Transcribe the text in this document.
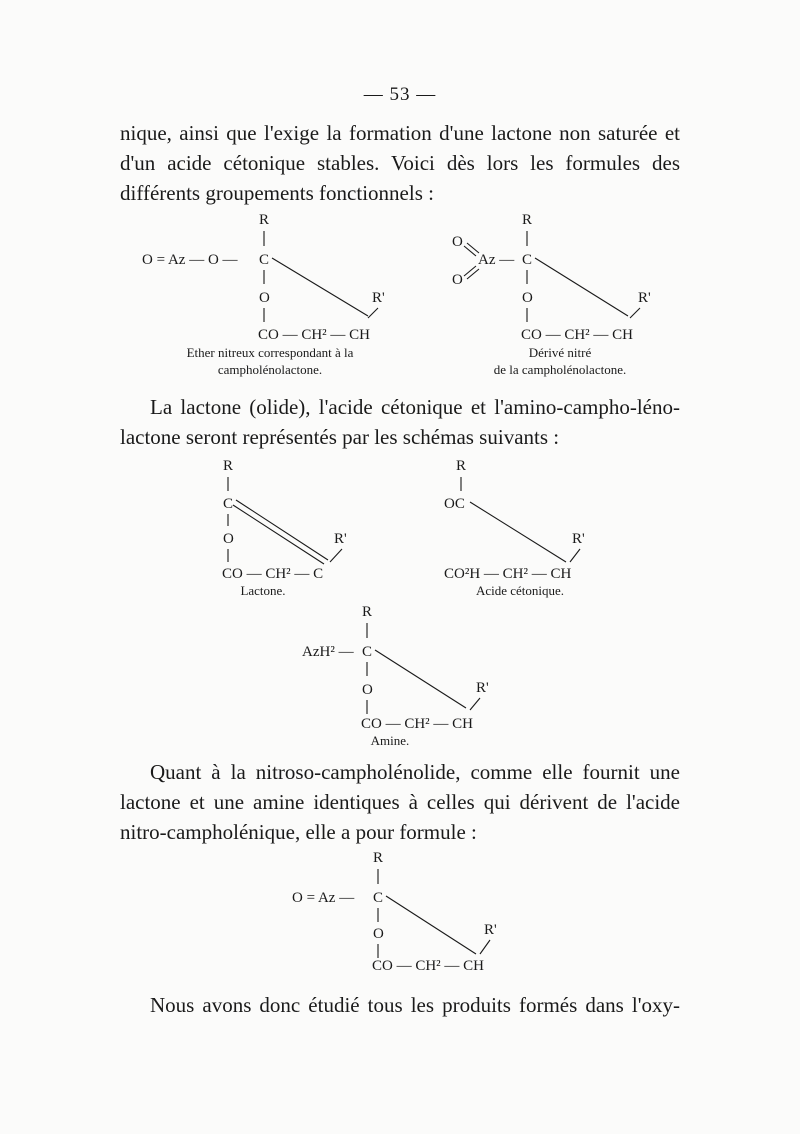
— 53 —

nique, ainsi que l'exige la formation d'une lactone non saturée et d'un acide cétonique stables. Voici dès lors les formules des différents groupements fonctionnels :

R
O = Az — O — C
O	R'
CO — CH² — CH
Ether nitreux correspondant à la
campholénolactone.
R
O
Az —
O
C
O	R'
CO — CH² — CH
Dérivé nitré
de la campholénolactone.

La lactone (olide), l'acide cétonique et l'amino-campho-léno-lactone seront représentés par les schémas suivants :

R
C
O	R'
CO — CH² — C
Lactone.
R
OC
R'
CO²H — CH² — CH
Acide cétonique.
R
AzH² — C
O	R'
CO — CH² — CH
Amine.

Quant à la nitroso-campholénolide, comme elle fournit une lactone et une amine identiques à celles qui dérivent de l'acide nitro-campholénique, elle a pour formule :

R
O = Az — C
O	R'
CO — CH² — CH

Nous avons donc étudié tous les produits formés dans l'oxy-
